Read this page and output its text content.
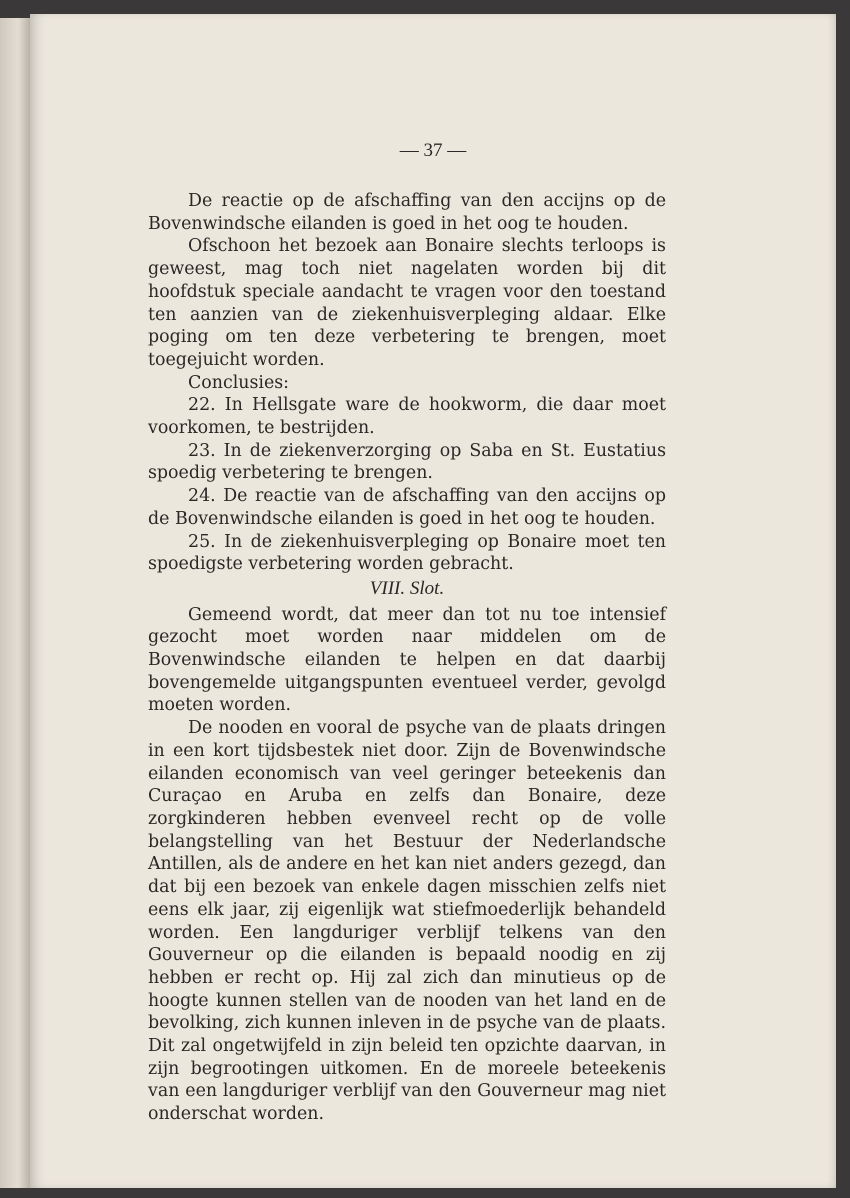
— 37 —

De reactie op de afschaffing van den accijns op de Bovenwindsche eilanden is goed in het oog te houden.

Ofschoon het bezoek aan Bonaire slechts terloops is geweest, mag toch niet nagelaten worden bij dit hoofdstuk speciale aandacht te vragen voor den toestand ten aanzien van de ziekenhuisverpleging aldaar. Elke poging om ten deze verbetering te brengen, moet toegejuicht worden.

Conclusies:

22. In Hellsgate ware de hookworm, die daar moet voorkomen, te bestrijden.

23. In de ziekenverzorging op Saba en St. Eustatius spoedig verbetering te brengen.

24. De reactie van de afschaffing van den accijns op de Bovenwindsche eilanden is goed in het oog te houden.

25. In de ziekenhuisverpleging op Bonaire moet ten spoedigste verbetering worden gebracht.

VIII. Slot.

Gemeend wordt, dat meer dan tot nu toe intensief gezocht moet worden naar middelen om de Bovenwindsche eilanden te helpen en dat daarbij bovengemelde uitgangspunten eventueel verder, gevolgd moeten worden.

De nooden en vooral de psyche van de plaats dringen in een kort tijdsbestek niet door. Zijn de Bovenwindsche eilanden economisch van veel geringer beteekenis dan Curaçao en Aruba en zelfs dan Bonaire, deze zorgkinderen hebben evenveel recht op de volle belangstelling van het Bestuur der Nederlandsche Antillen, als de andere en het kan niet anders gezegd, dan dat bij een bezoek van enkele dagen misschien zelfs niet eens elk jaar, zij eigenlijk wat stiefmoederlijk behandeld worden. Een langduriger verblijf telkens van den Gouverneur op die eilanden is bepaald noodig en zij hebben er recht op. Hij zal zich dan minutieus op de hoogte kunnen stellen van de nooden van het land en de bevolking, zich kunnen inleven in de psyche van de plaats. Dit zal ongetwijfeld in zijn beleid ten opzichte daarvan, in zijn begrootingen uitkomen. En de moreele beteekenis van een langduriger verblijf van den Gouverneur mag niet onderschat worden.
